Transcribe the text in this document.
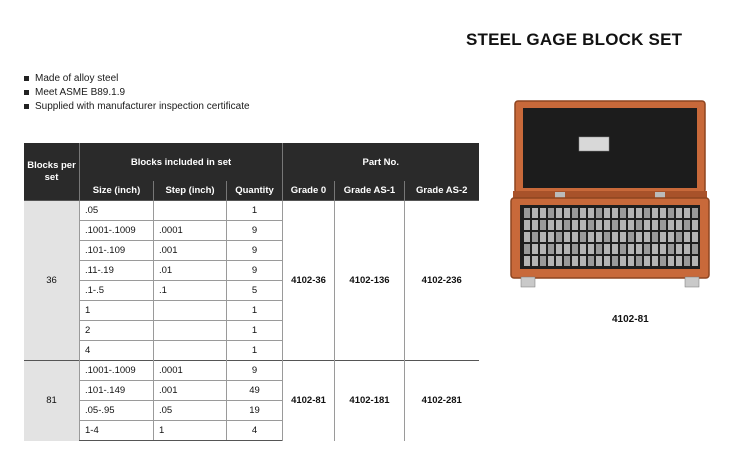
STEEL GAGE BLOCK SET
Made of alloy steel
Meet ASME B89.1.9
Supplied with manufacturer inspection certificate
Blocks per set	Blocks included in set			Part No.		
	Size (inch)	Step (inch)	Quantity	Grade 0	Grade AS-1	Grade AS-2
36	.05		1	4102-36	4102-136	4102-236
	.1001-.1009	.0001	9			
	.101-.109	.001	9			
	.11-.19	.01	9			
	.1-.5	.1	5			
	1		1			
	2		1			
	4		1			
81	.1001-.1009	.0001	9	4102-81	4102-181	4102-281
	.101-.149	.001	49			
	.05-.95	.05	19			
	1-4	1	4			
4102-81
